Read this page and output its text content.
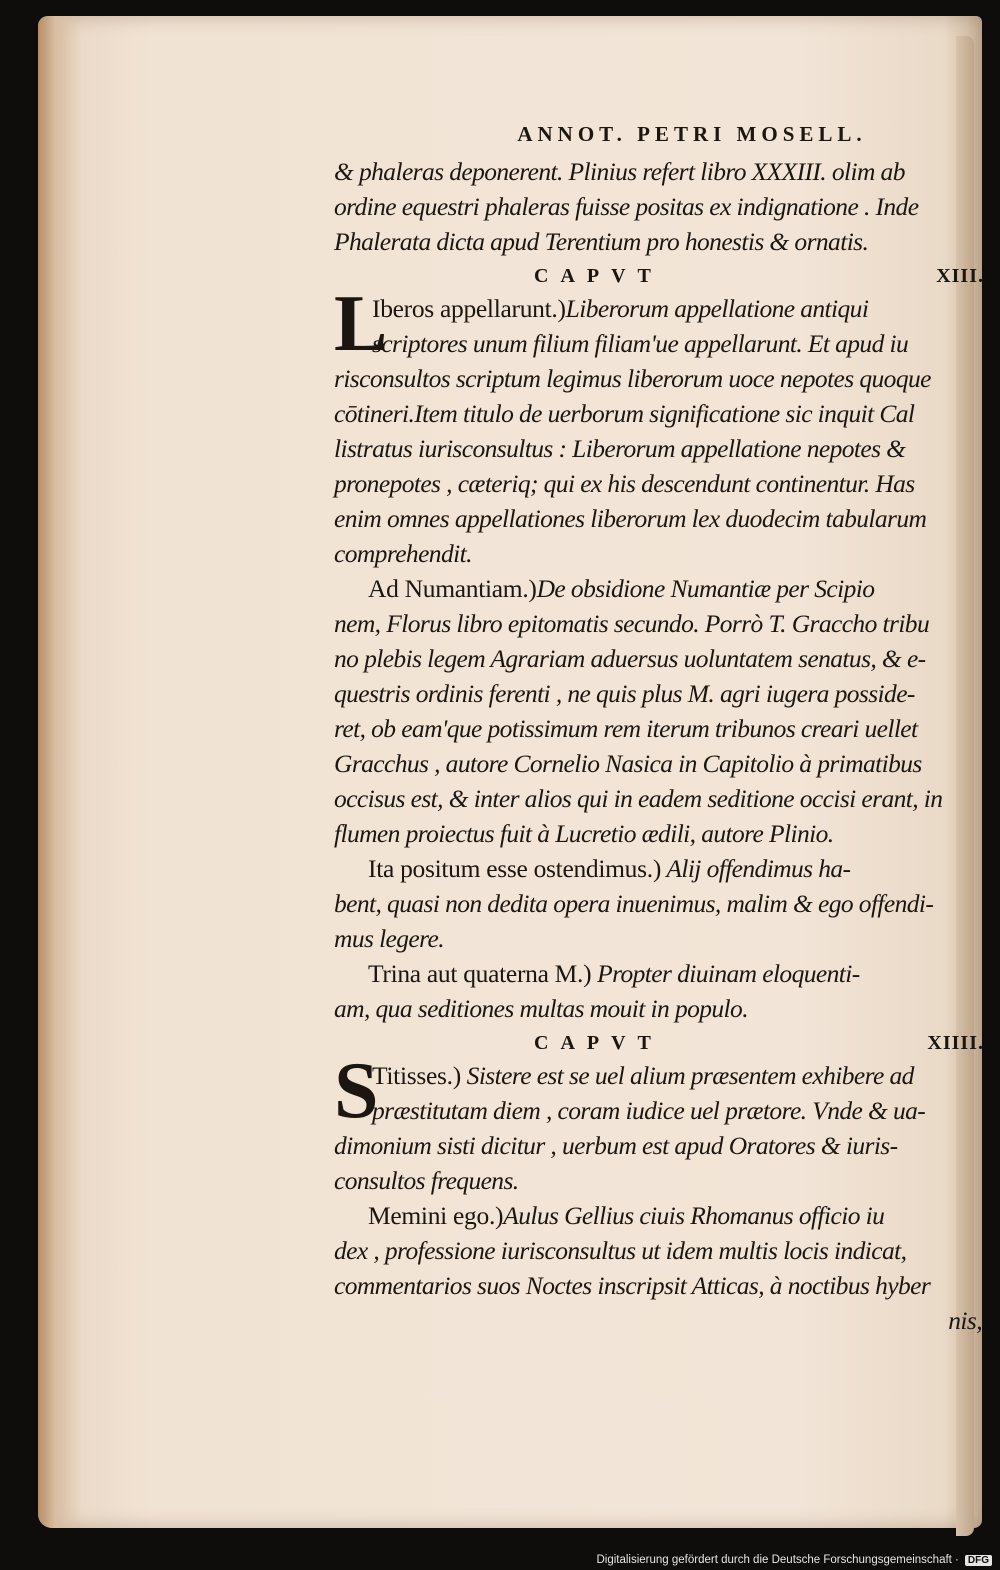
ANNOT. PETRI MOSELL.
& phaleras deponerent. Plinius refert libro XXXIII. olim ab
ordine equestri phaleras fuisse positas ex indignatione . Inde
Phalerata dicta apud Terentium pro honestis & ornatis.
CAPVT	XIII.
L
Iberos appellarunt.)Liberorum appellatione antiqui
scriptores unum filium filiam'ue appellarunt. Et apud iu
risconsultos scriptum legimus liberorum uoce nepotes quoque
cōtineri.Item titulo de uerborum significatione sic inquit Cal
listratus iurisconsultus : Liberorum appellatione nepotes &
pronepotes , cæteriq; qui ex his descendunt continentur. Has
enim omnes appellationes liberorum lex duodecim tabularum
comprehendit.
Ad Numantiam.)De obsidione Numantiæ per Scipio
nem, Florus libro epitomatis secundo. Porrò T. Graccho tribu
no plebis legem Agrariam aduersus uoluntatem senatus, & e-
questris ordinis ferenti , ne quis plus M. agri iugera posside-
ret, ob eam'que potissimum rem iterum tribunos creari uellet
Gracchus , autore Cornelio Nasica in Capitolio à primatibus
occisus est, & inter alios qui in eadem seditione occisi erant, in
flumen proiectus fuit à Lucretio ædili, autore Plinio.
Ita positum esse ostendimus.) Alij offendimus ha-
bent, quasi non dedita opera inuenimus, malim & ego offendi-
mus legere.
Trina aut quaterna M.) Propter diuinam eloquenti-
am, qua seditiones multas mouit in populo.
CAPVT	XIIII.
S
Titisses.) Sistere est se uel alium præsentem exhibere ad
præstitutam diem , coram iudice uel prætore. Vnde & ua-
dimonium sisti dicitur , uerbum est apud Oratores & iuris-
consultos frequens.
Memini ego.)Aulus Gellius ciuis Rhomanus officio iu
dex , professione iurisconsultus ut idem multis locis indicat,
commentarios suos Noctes inscripsit Atticas, à noctibus hyber
nis,
Digitalisierung gefördert durch die Deutsche Forschungsgemeinschaft · DFG
